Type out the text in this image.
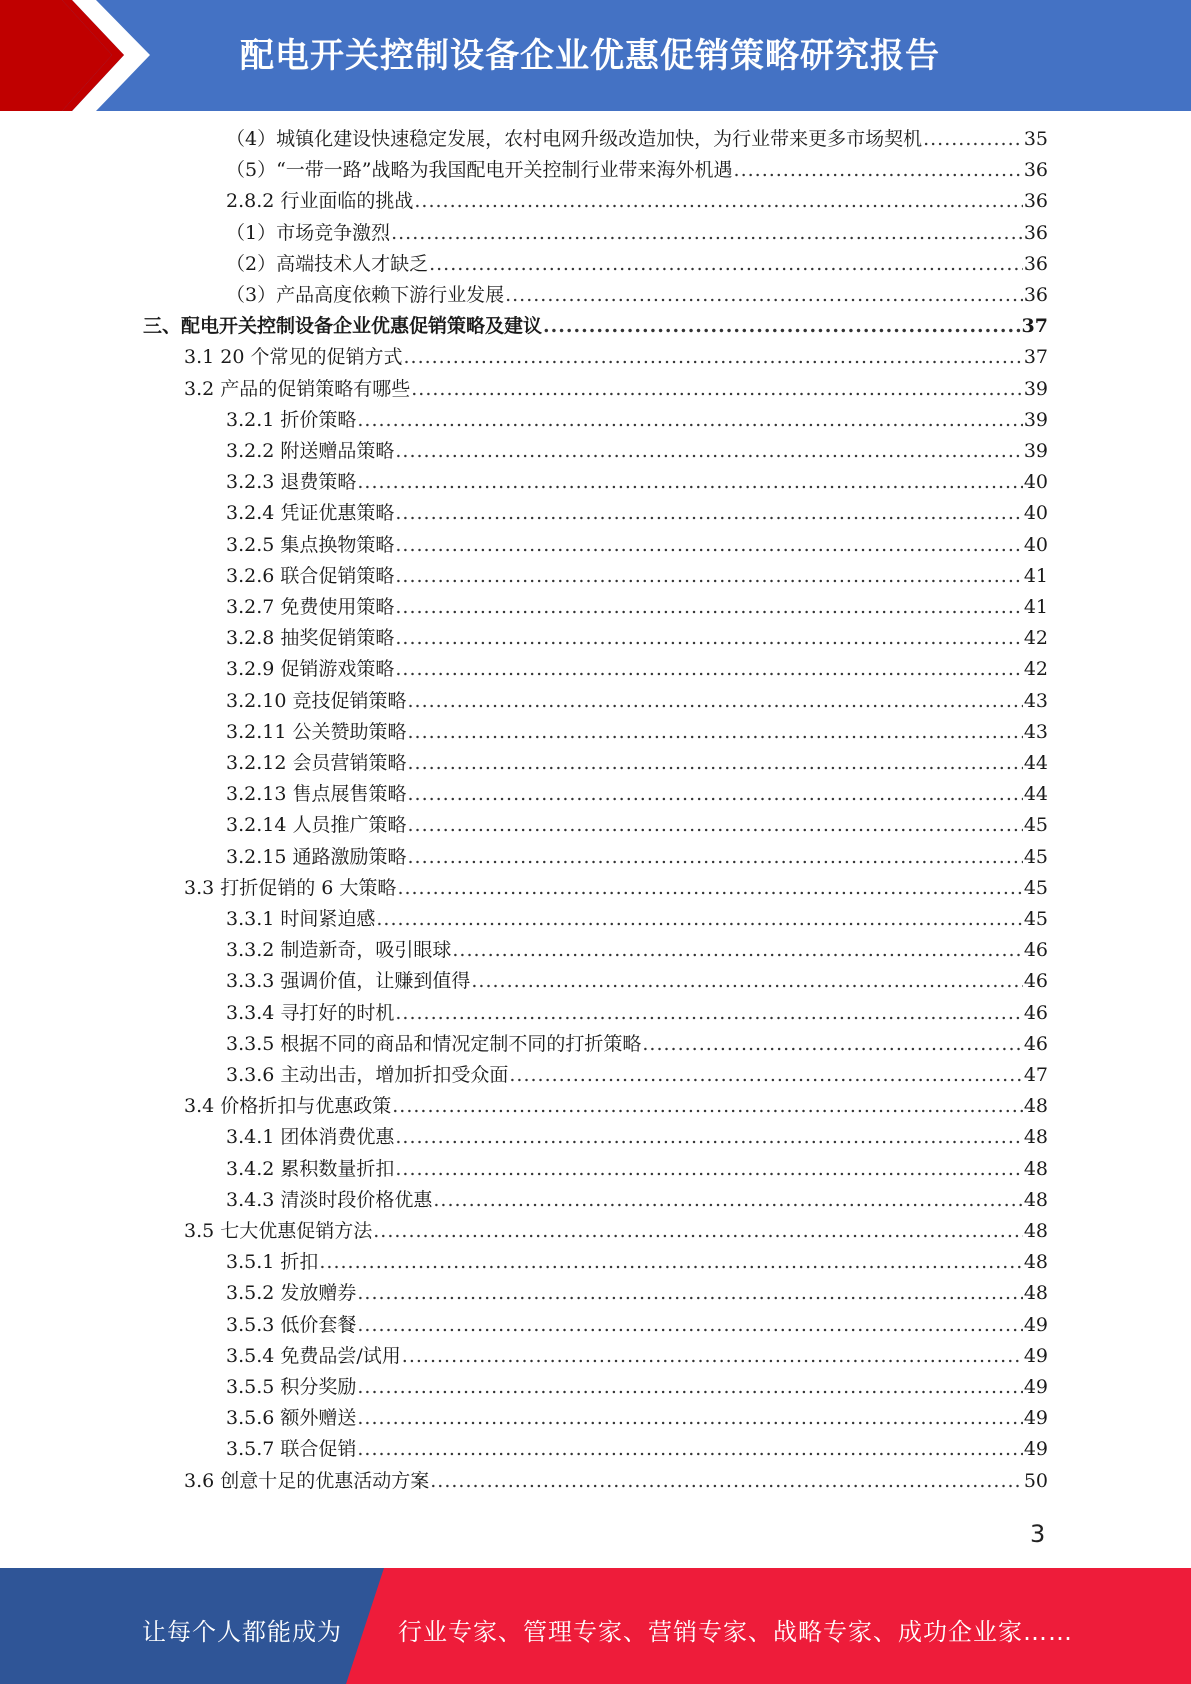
配电开关控制设备企业优惠促销策略研究报告
（4）城镇化建设快速稳定发展，农村电网升级改造加快，为行业带来更多市场契机 .....	35
（5）“一带一路”战略为我国配电开关控制行业带来海外机遇 .....	36
2.8.2 行业面临的挑战 .....	36
（1）市场竞争激烈 .....	36
（2）高端技术人才缺乏 .....	36
（3）产品高度依赖下游行业发展 .....	36
三、配电开关控制设备企业优惠促销策略及建议 .....	37
3.1 20 个常见的促销方式 .....	37
3.2 产品的促销策略有哪些 .....	39
3.2.1 折价策略 .....	39
3.2.2 附送赠品策略 .....	39
3.2.3 退费策略 .....	40
3.2.4 凭证优惠策略 .....	40
3.2.5 集点换物策略 .....	40
3.2.6 联合促销策略 .....	41
3.2.7 免费使用策略 .....	41
3.2.8 抽奖促销策略 .....	42
3.2.9 促销游戏策略 .....	42
3.2.10 竞技促销策略 .....	43
3.2.11 公关赞助策略 .....	43
3.2.12 会员营销策略 .....	44
3.2.13 售点展售策略 .....	44
3.2.14 人员推广策略 .....	45
3.2.15 通路激励策略 .....	45
3.3 打折促销的 6 大策略 .....	45
3.3.1 时间紧迫感 .....	45
3.3.2 制造新奇，吸引眼球 .....	46
3.3.3 强调价值，让赚到值得 .....	46
3.3.4 寻打好的时机 .....	46
3.3.5 根据不同的商品和情况定制不同的打折策略 .....	46
3.3.6 主动出击，增加折扣受众面 .....	47
3.4 价格折扣与优惠政策 .....	48
3.4.1 团体消费优惠 .....	48
3.4.2 累积数量折扣 .....	48
3.4.3 清淡时段价格优惠 .....	48
3.5 七大优惠促销方法 .....	48
3.5.1 折扣 .....	48
3.5.2 发放赠券 .....	48
3.5.3 低价套餐 .....	49
3.5.4 免费品尝/试用 .....	49
3.5.5 积分奖励 .....	49
3.5.6 额外赠送 .....	49
3.5.7 联合促销 .....	49
3.6 创意十足的优惠活动方案 .....	50
3
让每个人都能成为 行业专家、管理专家、营销专家、战略专家、成功企业家……
